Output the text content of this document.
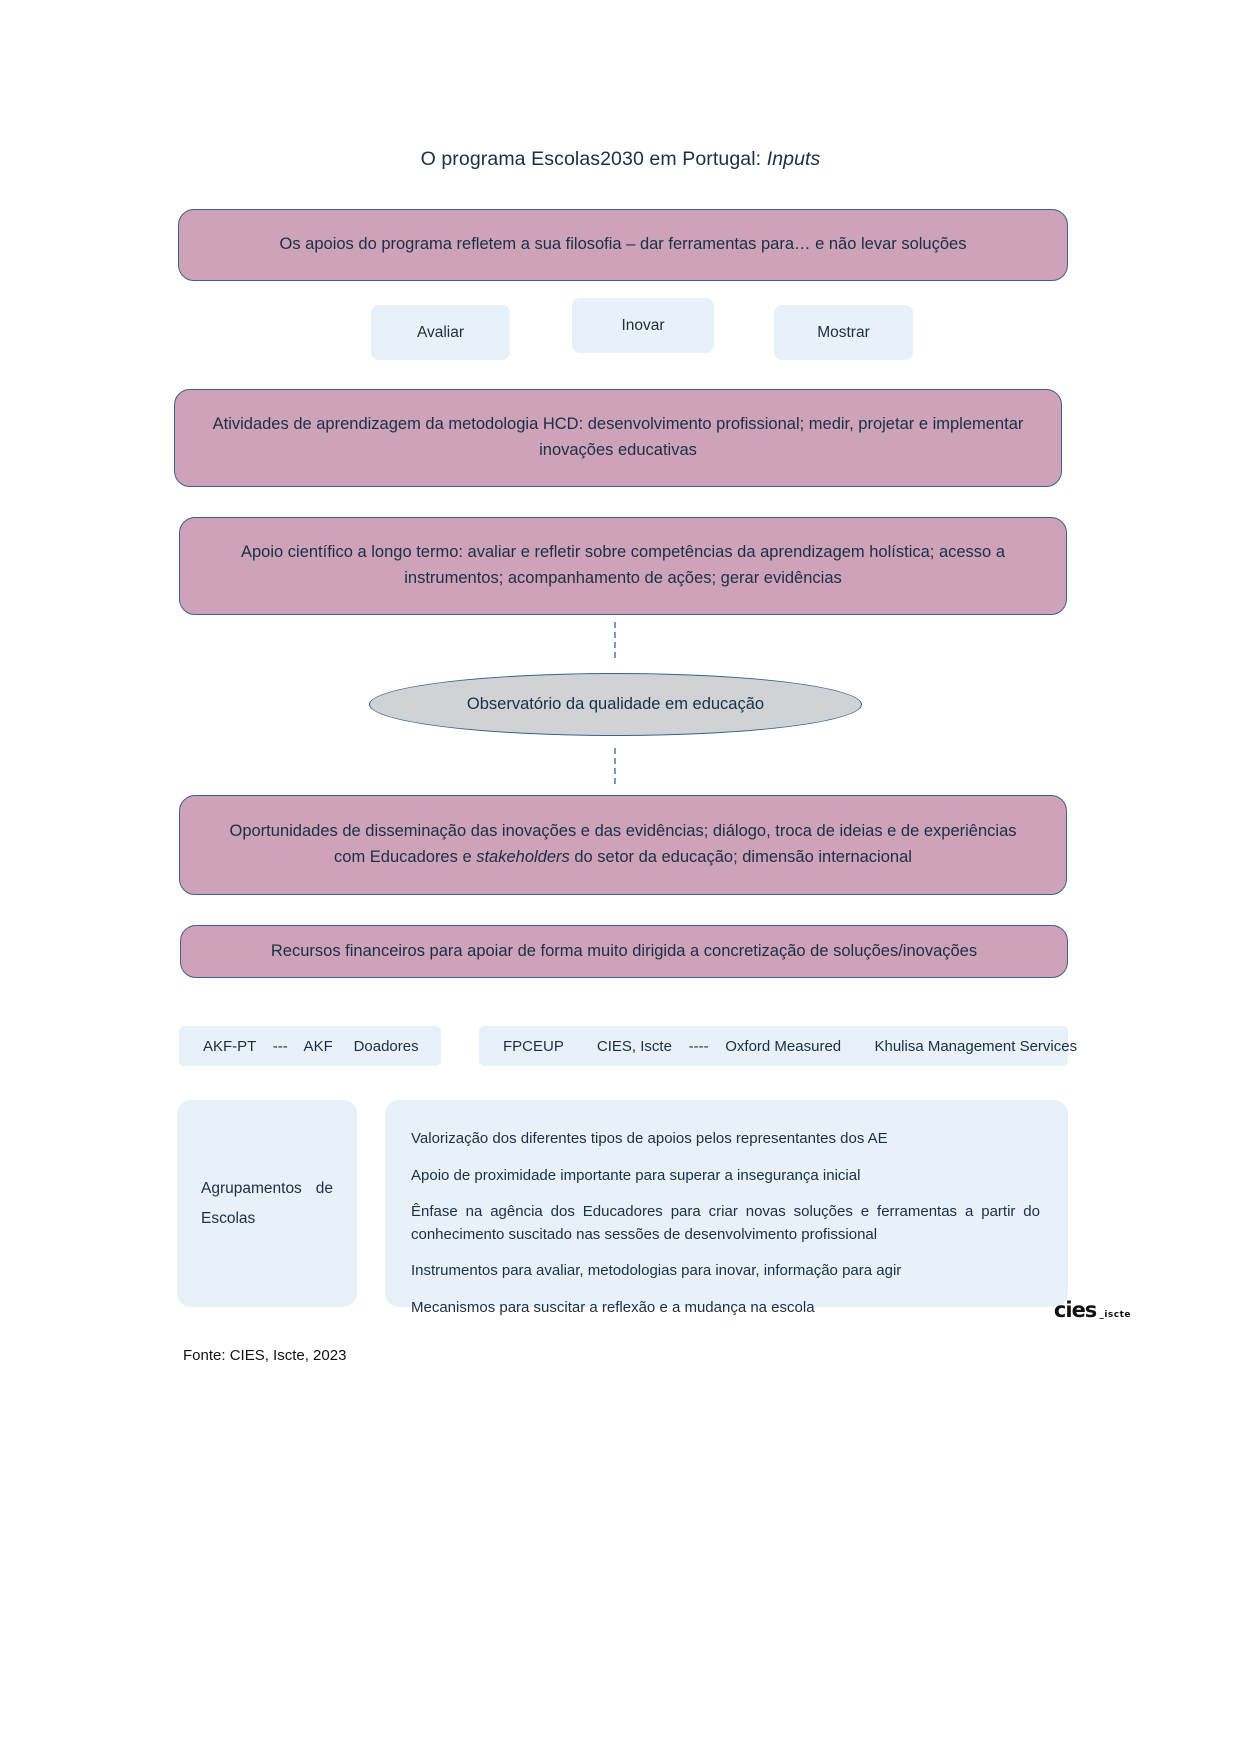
O programa Escolas2030 em Portugal: Inputs
Os apoios do programa refletem a sua filosofia – dar ferramentas para… e não levar soluções
Avaliar	Inovar	Mostrar
Atividades de aprendizagem da metodologia HCD: desenvolvimento profissional; medir, projetar e implementar inovações educativas
Apoio científico a longo termo: avaliar e refletir sobre competências da aprendizagem holística; acesso a instrumentos; acompanhamento de ações; gerar evidências
Observatório da qualidade em educação
Oportunidades de disseminação das inovações e das evidências; diálogo, troca de ideias e de experiências com Educadores e stakeholders do setor da educação; dimensão internacional
Recursos financeiros para apoiar de forma muito dirigida a concretização de soluções/inovações
AKF-PT    ---    AKF     Doadores	FPCEUP        CIES, Iscte    ----    Oxford Measured        Khulisa Management Services
Agrupamentos de Escolas
Valorização dos diferentes tipos de apoios pelos representantes dos AE
Apoio de proximidade importante para superar a insegurança inicial
Ênfase na agência dos Educadores para criar novas soluções e ferramentas a partir do conhecimento suscitado nas sessões de desenvolvimento profissional
Instrumentos para avaliar, metodologias para inovar, informação para agir
Mecanismos para suscitar a reflexão e a mudança na escola	cies _iscte
Fonte: CIES, Iscte, 2023
